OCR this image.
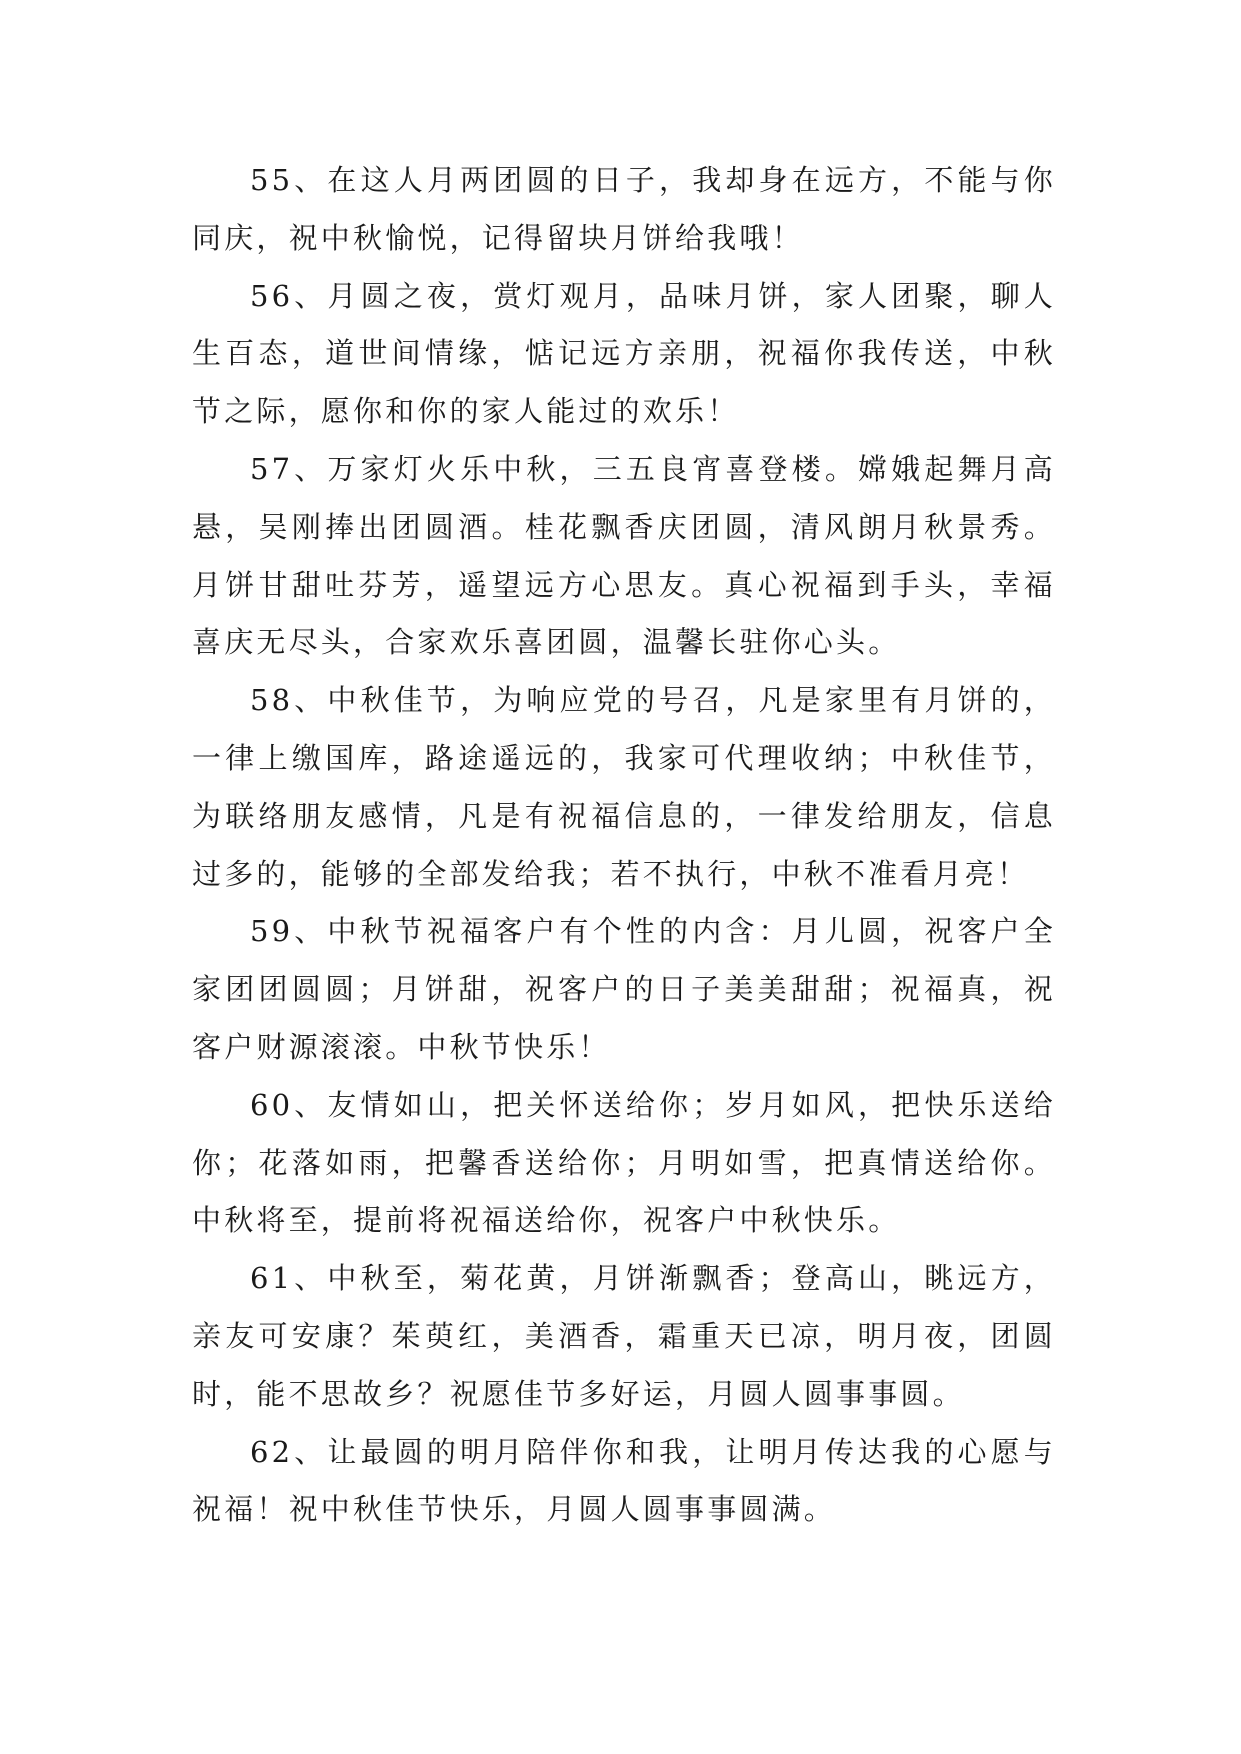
55、在这人月两团圆的日子，我却身在远方，不能与你同庆，祝中秋愉悦，记得留块月饼给我哦！

56、月圆之夜，赏灯观月，品味月饼，家人团聚，聊人生百态，道世间情缘，惦记远方亲朋，祝福你我传送，中秋节之际，愿你和你的家人能过的欢乐！

57、万家灯火乐中秋，三五良宵喜登楼。嫦娥起舞月高悬，吴刚捧出团圆酒。桂花飘香庆团圆，清风朗月秋景秀。月饼甘甜吐芬芳，遥望远方心思友。真心祝福到手头，幸福喜庆无尽头，合家欢乐喜团圆，温馨长驻你心头。

58、中秋佳节，为响应党的号召，凡是家里有月饼的，一律上缴国库，路途遥远的，我家可代理收纳；中秋佳节，为联络朋友感情，凡是有祝福信息的，一律发给朋友，信息过多的，能够的全部发给我；若不执行，中秋不准看月亮！

59、中秋节祝福客户有个性的内含：月儿圆，祝客户全家团团圆圆；月饼甜，祝客户的日子美美甜甜；祝福真，祝客户财源滚滚。中秋节快乐！

60、友情如山，把关怀送给你；岁月如风，把快乐送给你；花落如雨，把馨香送给你；月明如雪，把真情送给你。中秋将至，提前将祝福送给你，祝客户中秋快乐。

61、中秋至，菊花黄，月饼渐飘香；登高山，眺远方，亲友可安康？茱萸红，美酒香，霜重天已凉，明月夜，团圆时，能不思故乡？祝愿佳节多好运，月圆人圆事事圆。

62、让最圆的明月陪伴你和我，让明月传达我的心愿与祝福！祝中秋佳节快乐，月圆人圆事事圆满。
